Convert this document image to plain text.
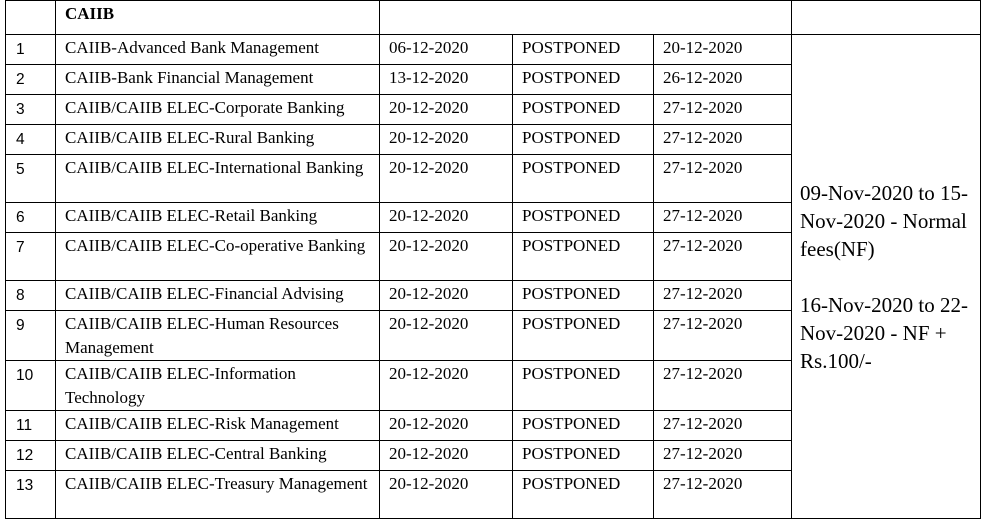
	CAIIB				
1	CAIIB-Advanced Bank Management	06-12-2020	POSTPONED	20-12-2020	09-Nov-2020 to 15-Nov-2020 - Normal fees(NF)
16-Nov-2020 to 22-Nov-2020 - NF + Rs.100/-

2	CAIIB-Bank Financial Management	13-12-2020	POSTPONED	26-12-2020	
3	CAIIB/CAIIB ELEC-Corporate Banking	20-12-2020	POSTPONED	27-12-2020	
4	CAIIB/CAIIB ELEC-Rural Banking	20-12-2020	POSTPONED	27-12-2020	
5	CAIIB/CAIIB ELEC-International Banking	20-12-2020	POSTPONED	27-12-2020	
6	CAIIB/CAIIB ELEC-Retail Banking	20-12-2020	POSTPONED	27-12-2020	
7	CAIIB/CAIIB ELEC-Co-operative Banking	20-12-2020	POSTPONED	27-12-2020	
8	CAIIB/CAIIB ELEC-Financial Advising	20-12-2020	POSTPONED	27-12-2020	
9	CAIIB/CAIIB ELEC-Human Resources Management	20-12-2020	POSTPONED	27-12-2020	
10	CAIIB/CAIIB ELEC-Information Technology	20-12-2020	POSTPONED	27-12-2020	
11	CAIIB/CAIIB ELEC-Risk Management	20-12-2020	POSTPONED	27-12-2020	
12	CAIIB/CAIIB ELEC-Central Banking	20-12-2020	POSTPONED	27-12-2020	
13	CAIIB/CAIIB ELEC-Treasury Management	20-12-2020	POSTPONED	27-12-2020	
